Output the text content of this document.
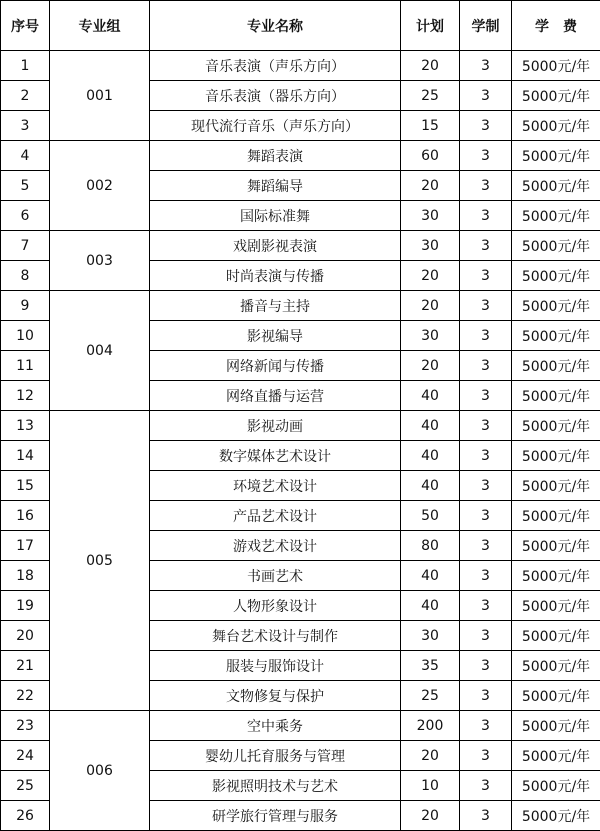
序号	专业组	专业名称	计划	学制	学　费
1	001	音乐表演（声乐方向）	20	3	5000元/年
2		音乐表演（器乐方向）	25	3	5000元/年
3		现代流行音乐（声乐方向）	15	3	5000元/年
4	002	舞蹈表演	60	3	5000元/年
5		舞蹈编导	20	3	5000元/年
6		国际标准舞	30	3	5000元/年
7	003	戏剧影视表演	30	3	5000元/年
8		时尚表演与传播	20	3	5000元/年
9	004	播音与主持	20	3	5000元/年
10		影视编导	30	3	5000元/年
11		网络新闻与传播	20	3	5000元/年
12		网络直播与运营	40	3	5000元/年
13	005	影视动画	40	3	5000元/年
14		数字媒体艺术设计	40	3	5000元/年
15		环境艺术设计	40	3	5000元/年
16		产品艺术设计	50	3	5000元/年
17		游戏艺术设计	80	3	5000元/年
18		书画艺术	40	3	5000元/年
19		人物形象设计	40	3	5000元/年
20		舞台艺术设计与制作	30	3	5000元/年
21		服装与服饰设计	35	3	5000元/年
22		文物修复与保护	25	3	5000元/年
23	006	空中乘务	200	3	5000元/年
24		婴幼儿托育服务与管理	20	3	5000元/年
25		影视照明技术与艺术	10	3	5000元/年
26		研学旅行管理与服务	20	3	5000元/年
